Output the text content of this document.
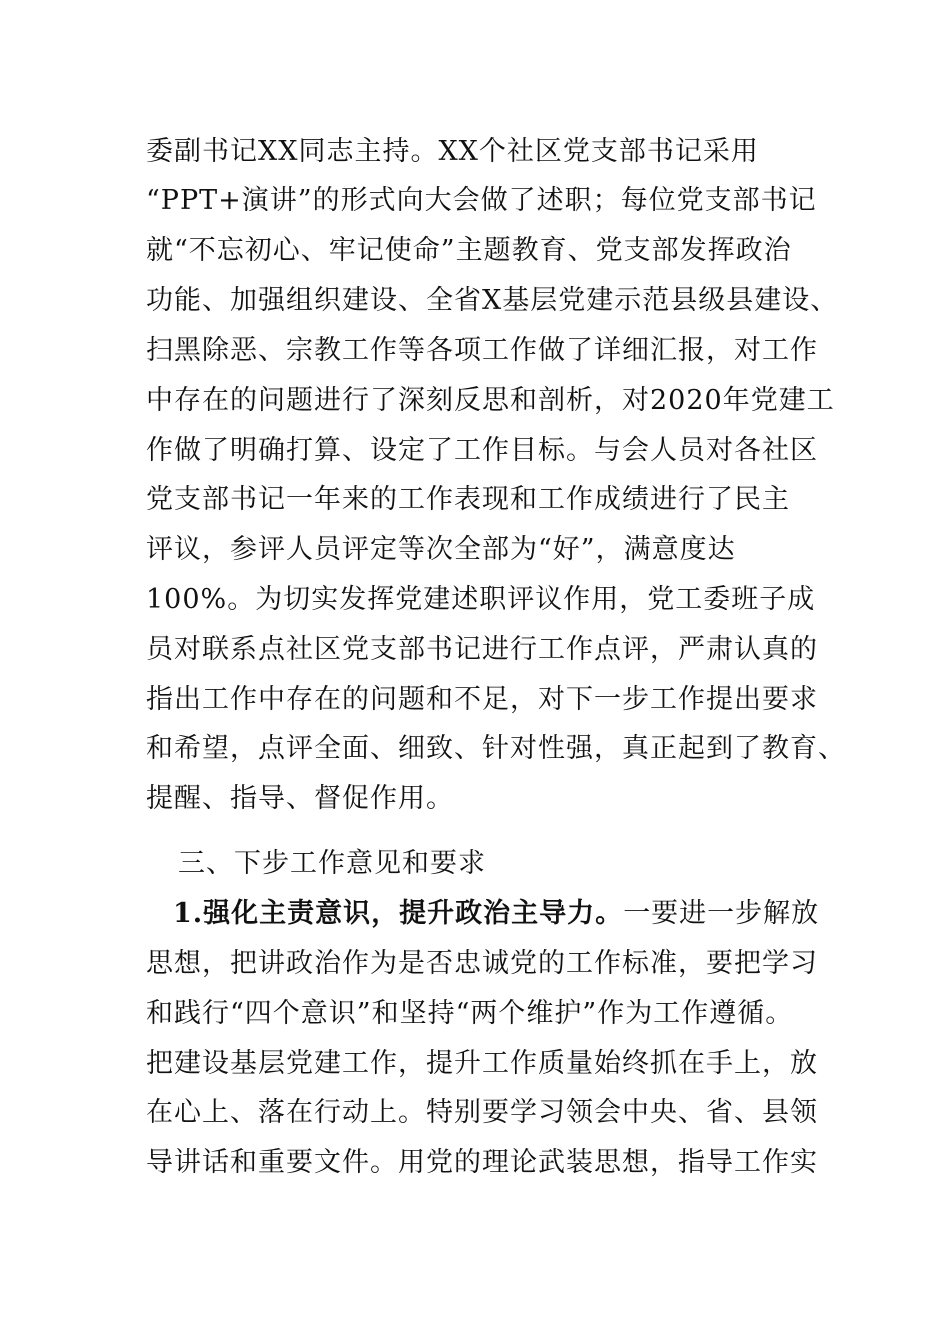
委副书记XX同志主持。XX个社区党支部书记采用
“PPT+演讲”的形式向大会做了述职；每位党支部书记
就“不忘初心、牢记使命”主题教育、党支部发挥政治
功能、加强组织建设、全省X基层党建示范县级县建设、
扫黑除恶、宗教工作等各项工作做了详细汇报，对工作
中存在的问题进行了深刻反思和剖析，对2020年党建工
作做了明确打算、设定了工作目标。与会人员对各社区
党支部书记一年来的工作表现和工作成绩进行了民主
评议，参评人员评定等次全部为“好”，满意度达
100%。为切实发挥党建述职评议作用，党工委班子成
员对联系点社区党支部书记进行工作点评，严肃认真的
指出工作中存在的问题和不足，对下一步工作提出要求
和希望，点评全面、细致、针对性强，真正起到了教育、
提醒、指导、督促作用。
三、下步工作意见和要求
1.强化主责意识，提升政治主导力。一要进一步解放
思想，把讲政治作为是否忠诚党的工作标准，要把学习
和践行“四个意识”和坚持“两个维护”作为工作遵循。
把建设基层党建工作，提升工作质量始终抓在手上，放
在心上、落在行动上。特别要学习领会中央、省、县领
导讲话和重要文件。用党的理论武装思想，指导工作实
